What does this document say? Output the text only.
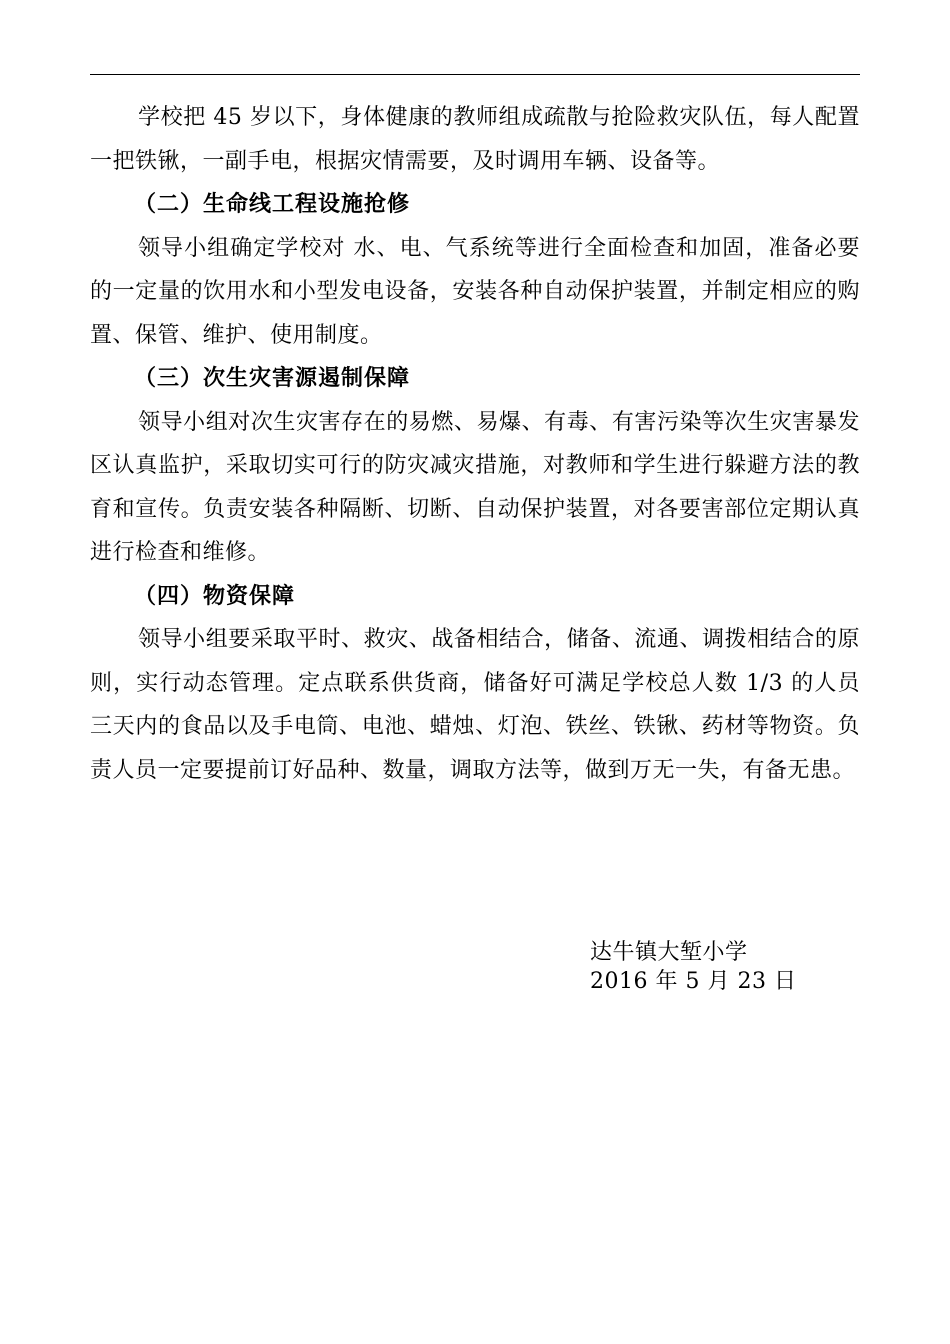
学校把 45 岁以下，身体健康的教师组成疏散与抢险救灾队伍，每人配置一把铁锹，一副手电，根据灾情需要，及时调用车辆、设备等。

（二）生命线工程设施抢修

领导小组确定学校对 水、电、气系统等进行全面检查和加固，准备必要的一定量的饮用水和小型发电设备，安装各种自动保护装置，并制定相应的购置、保管、维护、使用制度。

（三）次生灾害源遏制保障

领导小组对次生灾害存在的易燃、易爆、有毒、有害污染等次生灾害暴发区认真监护，采取切实可行的防灾减灾措施，对教师和学生进行躲避方法的教育和宣传。负责安装各种隔断、切断、自动保护装置，对各要害部位定期认真进行检查和维修。

（四）物资保障

领导小组要采取平时、救灾、战备相结合，储备、流通、调拨相结合的原则，实行动态管理。定点联系供货商，储备好可满足学校总人数 1/3 的人员三天内的食品以及手电筒、电池、蜡烛、灯泡、铁丝、铁锹、药材等物资。负责人员一定要提前订好品种、数量，调取方法等，做到万无一失，有备无患。

达牛镇大堑小学

2016 年 5 月 23 日
